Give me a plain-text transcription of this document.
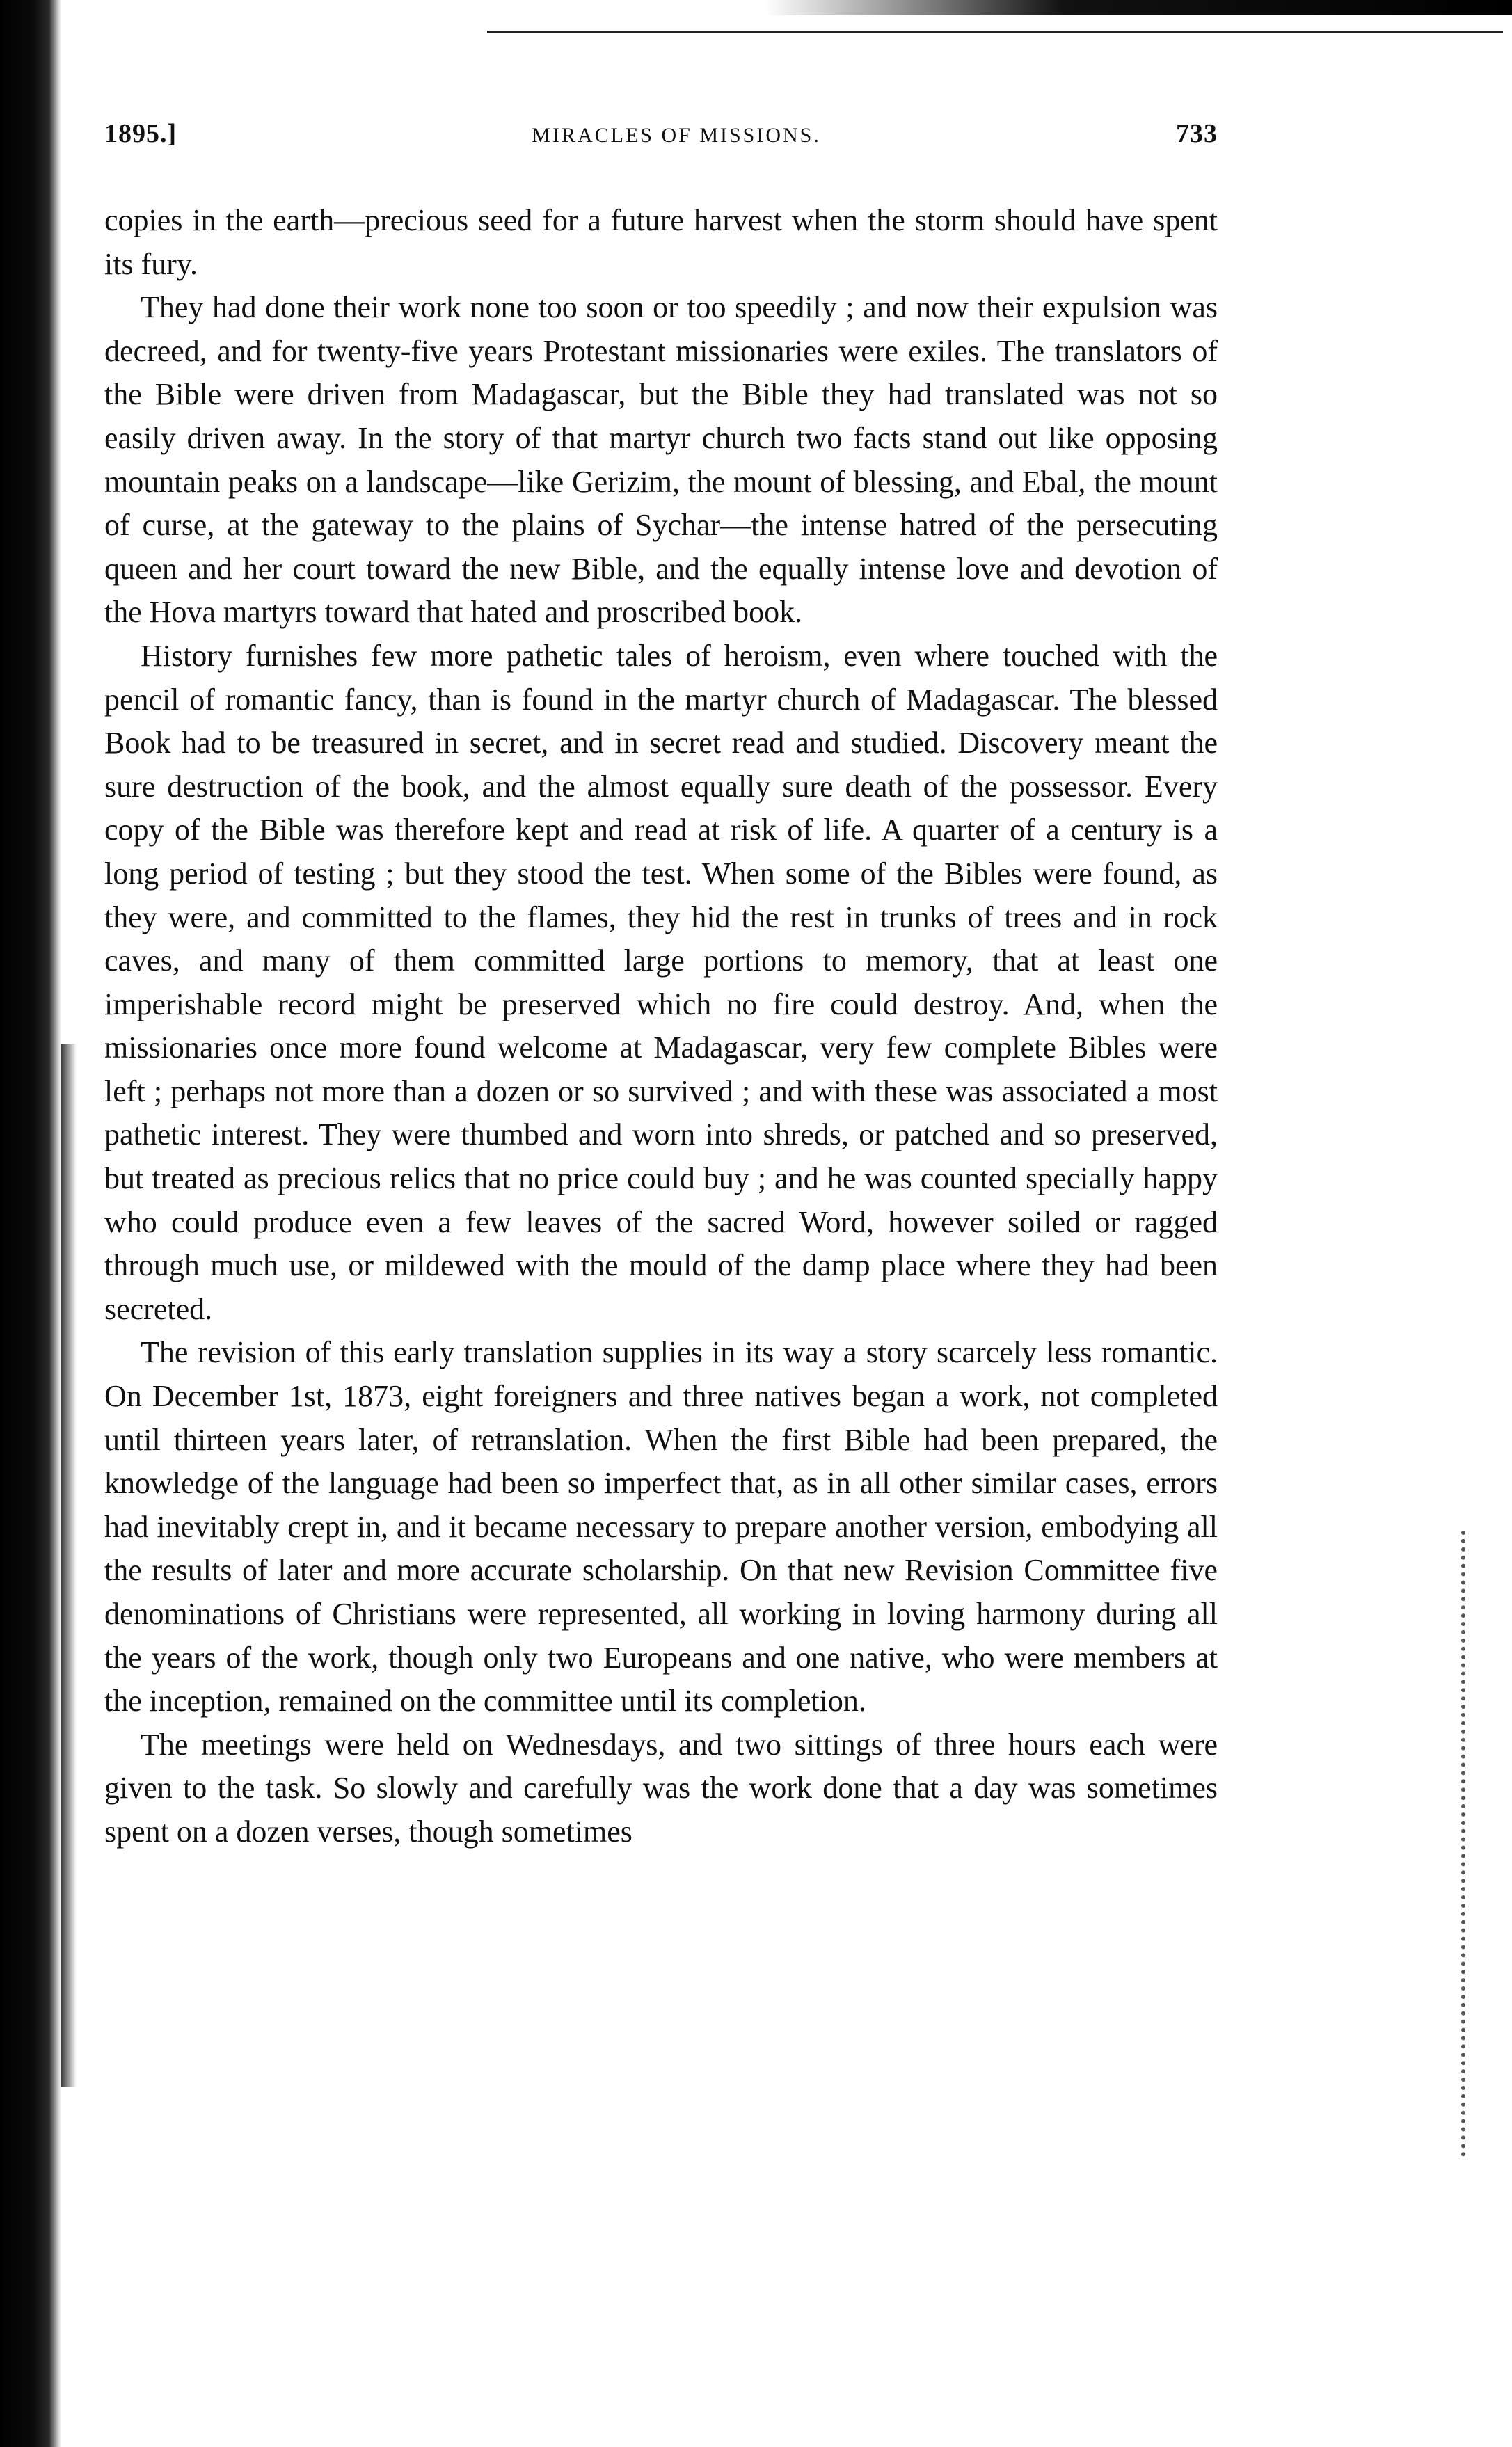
1895.]	MIRACLES OF MISSIONS.	733

copies in the earth—precious seed for a future harvest when the storm should have spent its fury.

They had done their work none too soon or too speedily ; and now their expulsion was decreed, and for twenty-five years Protestant missionaries were exiles. The translators of the Bible were driven from Madagascar, but the Bible they had translated was not so easily driven away. In the story of that martyr church two facts stand out like opposing mountain peaks on a landscape—like Gerizim, the mount of blessing, and Ebal, the mount of curse, at the gateway to the plains of Sychar—the intense hatred of the persecuting queen and her court toward the new Bible, and the equally intense love and devotion of the Hova martyrs toward that hated and proscribed book.

History furnishes few more pathetic tales of heroism, even where touched with the pencil of romantic fancy, than is found in the martyr church of Madagascar. The blessed Book had to be treasured in secret, and in secret read and studied. Discovery meant the sure destruction of the book, and the almost equally sure death of the possessor. Every copy of the Bible was therefore kept and read at risk of life. A quarter of a century is a long period of testing ; but they stood the test. When some of the Bibles were found, as they were, and committed to the flames, they hid the rest in trunks of trees and in rock caves, and many of them committed large portions to memory, that at least one imperishable record might be preserved which no fire could destroy. And, when the missionaries once more found welcome at Madagascar, very few complete Bibles were left ; perhaps not more than a dozen or so survived ; and with these was associated a most pathetic interest. They were thumbed and worn into shreds, or patched and so preserved, but treated as precious relics that no price could buy ; and he was counted specially happy who could produce even a few leaves of the sacred Word, however soiled or ragged through much use, or mildewed with the mould of the damp place where they had been secreted.

The revision of this early translation supplies in its way a story scarcely less romantic. On December 1st, 1873, eight foreigners and three natives began a work, not completed until thirteen years later, of retranslation. When the first Bible had been prepared, the knowledge of the language had been so imperfect that, as in all other similar cases, errors had inevitably crept in, and it became necessary to prepare another version, embodying all the results of later and more accurate scholarship. On that new Revision Committee five denominations of Christians were represented, all working in loving harmony during all the years of the work, though only two Europeans and one native, who were members at the inception, remained on the committee until its completion.

The meetings were held on Wednesdays, and two sittings of three hours each were given to the task. So slowly and carefully was the work done that a day was sometimes spent on a dozen verses, though sometimes
